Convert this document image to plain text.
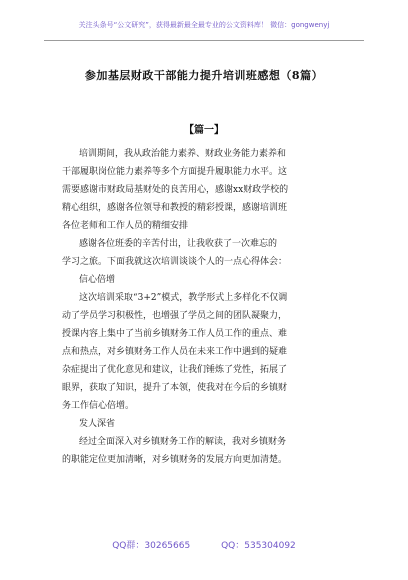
关注头条号“公文研究”，获得最新最全最专业的公文资料库！ 微信：gongwenyj
参加基层财政干部能力提升培训班感想（8篇）
【篇一】
培训期间，我从政治能力素养、财政业务能力素养和
干部履职岗位能力素养等多个方面提升履职能力水平。这
需要感谢市财政局基财处的良苦用心，感谢xx财政学校的
精心组织，感谢各位领导和教授的精彩授课，感谢培训班
各位老师和工作人员的精细安排
感谢各位班委的辛苦付出，让我收获了一次难忘的
学习之旅。下面我就这次培训谈谈个人的一点心得体会：
信心倍增
这次培训采取“3+2”模式，教学形式上多样化不仅调
动了学员学习积极性，也增强了学员之间的团队凝聚力，
授课内容上集中了当前乡镇财务工作人员工作的重点、难
点和热点，对乡镇财务工作人员在未来工作中遇到的疑难
杂症提出了优化意见和建议，让我们锤炼了党性，拓展了
眼界，获取了知识，提升了本领，使我对在今后的乡镇财
务工作信心倍增。
发人深省
经过全面深入对乡镇财务工作的解读，我对乡镇财务
的职能定位更加清晰，对乡镇财务的发展方向更加清楚。
QQ群：30265665	QQ：535304092
